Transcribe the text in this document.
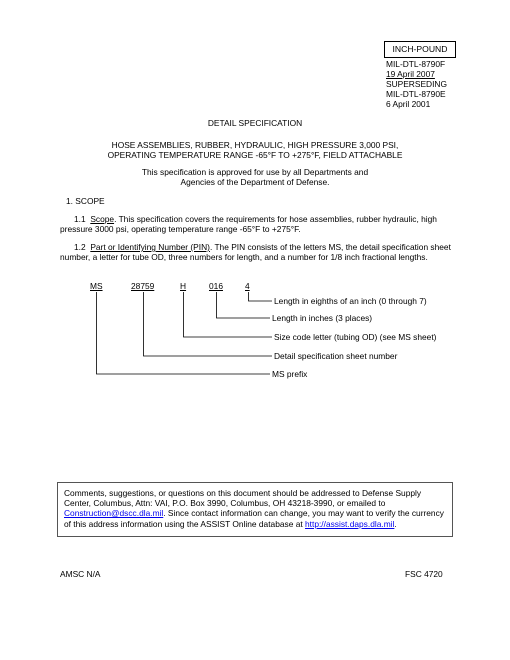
INCH-POUND
MIL-DTL-8790F
19 April 2007
SUPERSEDING
MIL-DTL-8790E
6 April 2001
DETAIL SPECIFICATION
HOSE ASSEMBLIES, RUBBER, HYDRAULIC, HIGH PRESSURE 3,000 PSI,
OPERATING TEMPERATURE RANGE -65°F TO +275°F, FIELD ATTACHABLE
This specification is approved for use by all Departments and
Agencies of the Department of Defense.
1. SCOPE
1.1 Scope. This specification covers the requirements for hose assemblies, rubber hydraulic, high pressure 3000 psi, operating temperature range -65°F to +275°F.
1.2 Part or Identifying Number (PIN). The PIN consists of the letters MS, the detail specification sheet number, a letter for tube OD, three numbers for length, and a number for 1/8 inch fractional lengths.
MS	28759	H	016	4
Length in eighths of an inch (0 through 7)
Length in inches (3 places)
Size code letter (tubing OD) (see MS sheet)
Detail specification sheet number
MS prefix
Comments, suggestions, or questions on this document should be addressed to Defense Supply Center, Columbus, Attn: VAI, P.O. Box 3990, Columbus, OH 43218-3990, or emailed to Construction@dscc.dla.mil. Since contact information can change, you may want to verify the currency of this address information using the ASSIST Online database at http://assist.daps.dla.mil.
AMSC N/A	FSC 4720
